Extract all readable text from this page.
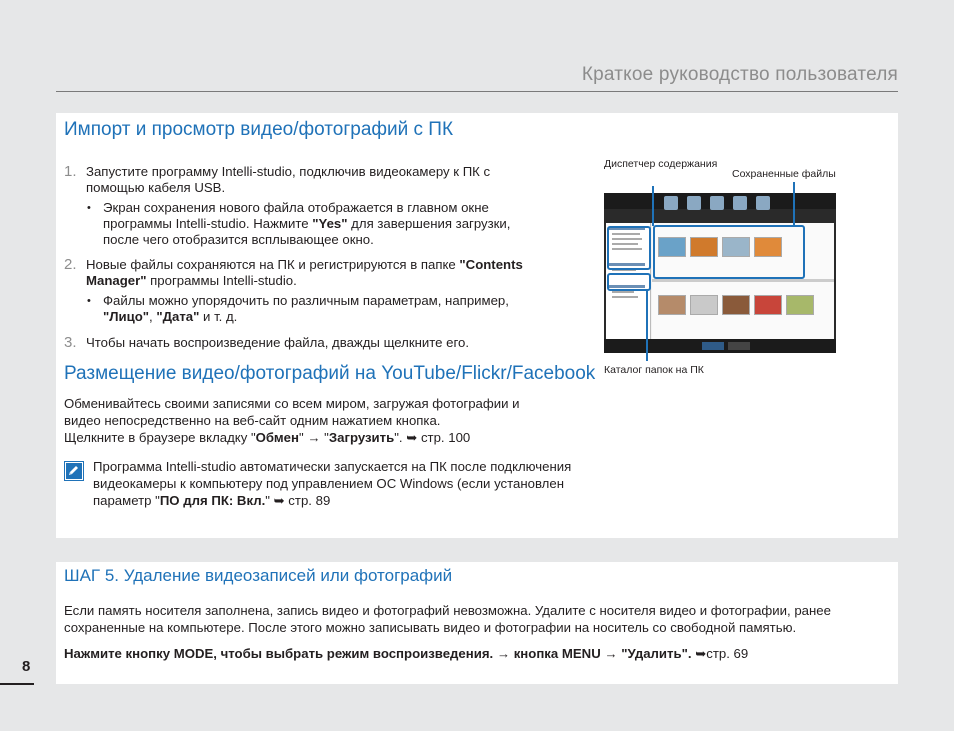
Краткое руководство пользователя
Импорт и просмотр видео/фотографий с ПК
1. Запустите программу Intelli-studio, подключив видеокамеру к ПК с помощью кабеля USB.
• Экран сохранения нового файла отображается в главном окне программы Intelli-studio. Нажмите "Yes" для завершения загрузки, после чего отобразится всплывающее окно.
2. Новые файлы сохраняются на ПК и регистрируются в папке "Contents Manager" программы Intelli-studio.
• Файлы можно упорядочить по различным параметрам, например, "Лицо", "Дата" и т. д.
3. Чтобы начать воспроизведение файла, дважды щелкните его.
Размещение видео/фотографий на YouTube/Flickr/Facebook
Обменивайтесь своими записями со всем миром, загружая фотографии и
видео непосредственно на веб-сайт одним нажатием кнопка.
Щелкните в браузере вкладку "Обмен" → "Загрузить". ➥ стр. 100
Программа Intelli-studio автоматически запускается на ПК после подключения
видеокамеры к компьютеру под управлением ОС Windows (если установлен
параметр "ПО для ПК: Вкл." ➥ стр. 89
Диспетчер содержания
Сохраненные файлы
Каталог папок на ПК
ШАГ 5. Удаление видеозаписей или фотографий
Если память носителя заполнена, запись видео и фотографий невозможна. Удалите с носителя видео и фотографии, ранее
сохраненные на компьютере. После этого можно записывать видео и фотографии на носитель со свободной памятью.
Нажмите кнопку MODE, чтобы выбрать режим воспроизведения. → кнопка MENU → "Удалить". ➥стр. 69
8
